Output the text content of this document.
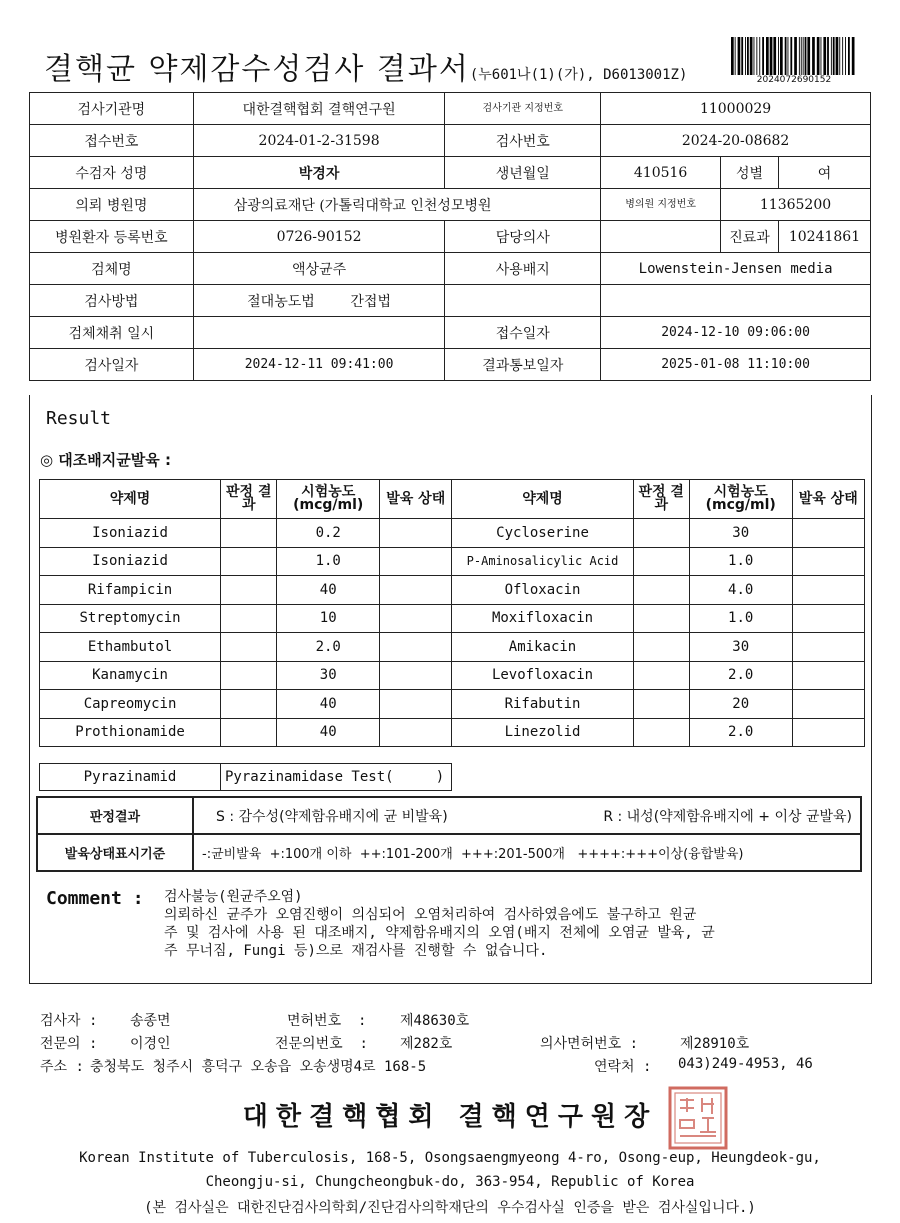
결핵균 약제감수성검사 결과서(누601나(1)(가), D6013001Z)	2024072690152
검사기관명	대한결핵협회 결핵연구원	검사기관 지정번호	11000029		
접수번호	2024-01-2-31598	검사번호	2024-20-08682		
수검자 성명	박경자	생년월일	410516	성별	여
의뢰 병원명	삼광의료재단 (가톨릭대학교 인천성모병원		병의원 지정번호	11365200	
병원환자 등록번호	0726-90152	담당의사		진료과	10241861
검체명	액상균주	사용배지	Lowenstein-Jensen media		
검사방법	절대농도법 간접법				
검체채취 일시		접수일자	2024-12-10 09:06:00		
검사일자	2024-12-11 09:41:00	결과통보일자	2025-01-08 11:10:00		
Result
◎ 대조배지균발육 :
약제명	판정 결과	시험농도 (mcg/ml)	발육 상태	약제명	판정 결과	시험농도 (mcg/ml)	발육 상태
Isoniazid		0.2		Cycloserine		30	
Isoniazid		1.0		P-Aminosalicylic Acid		1.0	
Rifampicin		40		Ofloxacin		4.0	
Streptomycin		10		Moxifloxacin		1.0	
Ethambutol		2.0		Amikacin		30	
Kanamycin		30		Levofloxacin		2.0	
Capreomycin		40		Rifabutin		20	
Prothionamide		40		Linezolid		2.0	
Pyrazinamid	Pyrazinamidase Test(     )
판정결과	S : 감수성(약제함유배지에 균 비발육) R : 내성(약제함유배지에 + 이상 균발육)

발육상태표시기준	-:균비발육  +:100개 이하  ++:101-200개  +++:201-500개   ++++:+++이상(융합발육)
Comment : 검사불능(원균주오염)
의뢰하신 균주가 오염진행이 의심되어 오염처리하여 검사하였음에도 불구하고 원균
주 및 검사에 사용 된 대조배지, 약제함유배지의 오염(배지 전체에 오염균 발육, 균
주 무너짐, Fungi 등)으로 재검사를 진행할 수 없습니다.
검사자 : 송종면	면허번호  : 제48630호
전문의 : 이경인	전문의번호  : 제282호	의사면허번호 :	제28910호
주소 : 충청북도 청주시 흥덕구 오송읍 오송생명4로 168-5	연락처 : 043)249-4953, 46
대한결핵협회 결핵연구원장
Korean Institute of Tuberculosis, 168-5, Osongsaengmyeong 4-ro, Osong-eup, Heungdeok-gu,
Cheongju-si, Chungcheongbuk-do, 363-954, Republic of Korea
(본 검사실은 대한진단검사의학회/진단검사의학재단의 우수검사실 인증을 받은 검사실입니다.)
